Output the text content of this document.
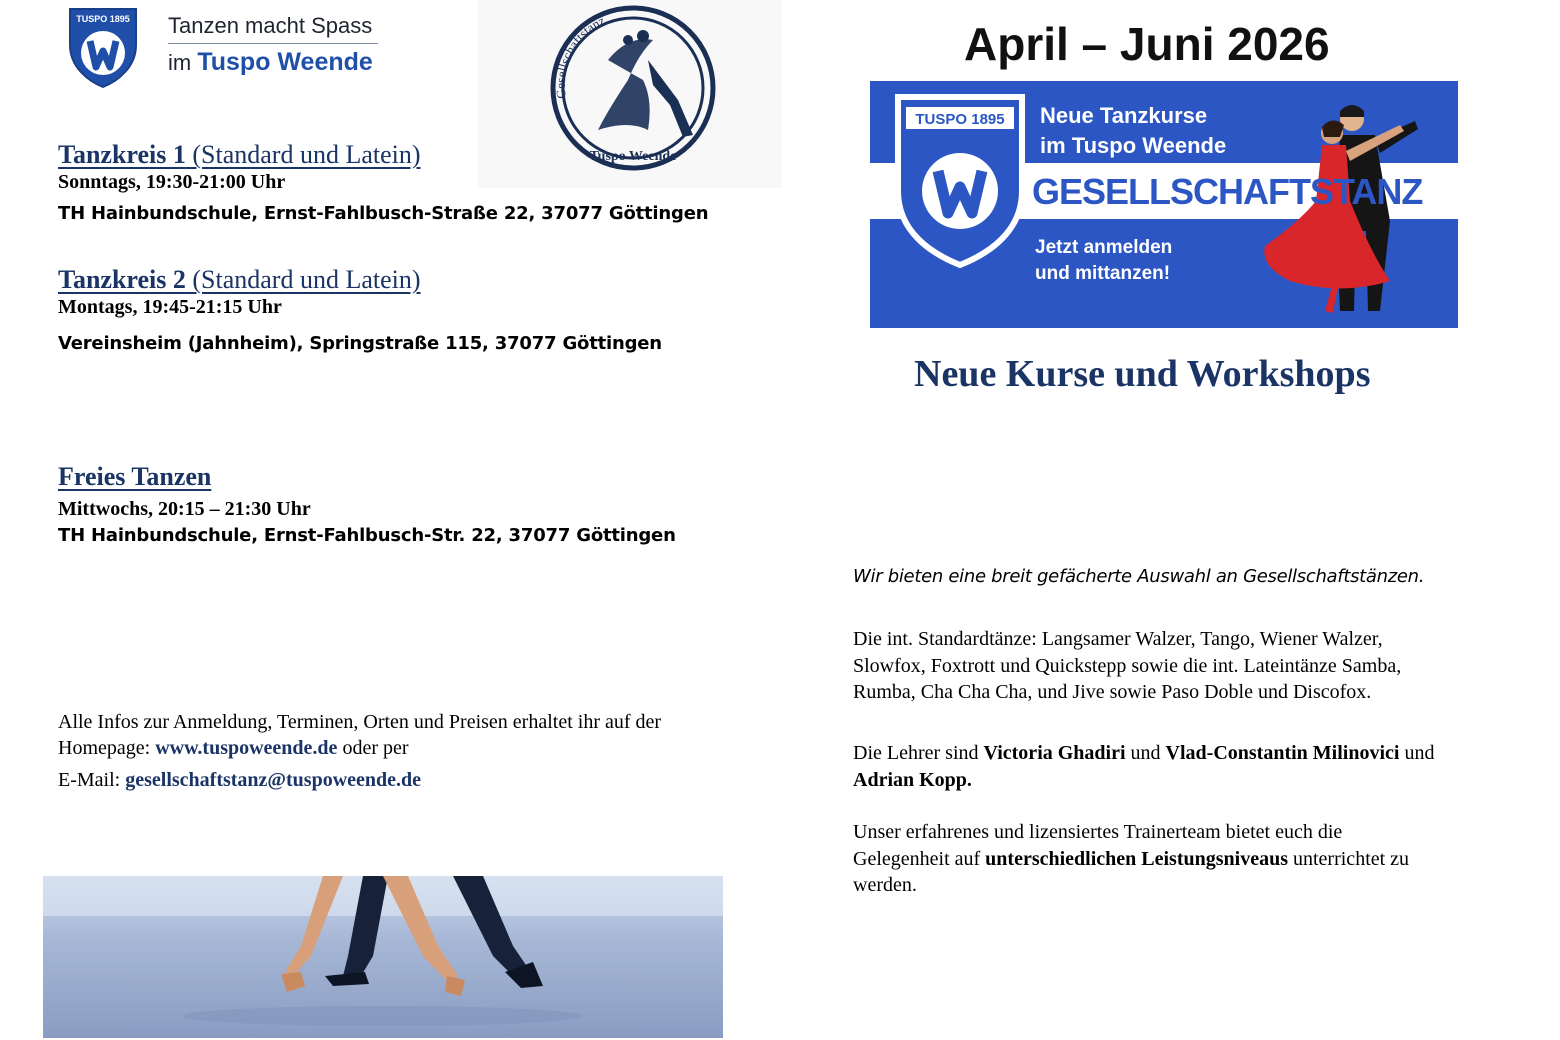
TUSPO 1895 Tanzen macht Spass
im Tuspo Weende
Gesellschaftstanz
Tuspo Weende
Tanzkreis 1 (Standard und Latein)
Sonntags, 19:30-21:00 Uhr
TH Hainbundschule, Ernst-Fahlbusch-Straße 22, 37077 Göttingen
Tanzkreis 2 (Standard und Latein)
Montags, 19:45-21:15 Uhr
Vereinsheim (Jahnheim), Springstraße 115, 37077 Göttingen
Freies Tanzen
Mittwochs, 20:15 – 21:30 Uhr
TH Hainbundschule, Ernst-Fahlbusch-Str. 22, 37077 Göttingen
Alle Infos zur Anmeldung, Terminen, Orten und Preisen erhaltet ihr auf der
Homepage: www.tuspoweende.de oder per
E-Mail: gesellschaftstanz@tuspoweende.de
April – Juni 2026
TUSPO 1895 Neue Tanzkurse
im Tuspo Weende
GESELLSCHAFTSTANZ
Jetzt anmelden
und mittanzen!
Neue Kurse und Workshops
Wir bieten eine breit gefächerte Auswahl an Gesellschaftstänzen.
Die int. Standardtänze: Langsamer Walzer, Tango, Wiener Walzer,
Slowfox, Foxtrott und Quickstepp sowie die int. Lateintänze Samba,
Rumba, Cha Cha Cha, und Jive sowie Paso Doble und Discofox.
Die Lehrer sind Victoria Ghadiri und Vlad-Constantin Milinovici und
Adrian Kopp.
Unser erfahrenes und lizensiertes Trainerteam bietet euch die
Gelegenheit auf unterschiedlichen Leistungsniveaus unterrichtet zu
werden.
